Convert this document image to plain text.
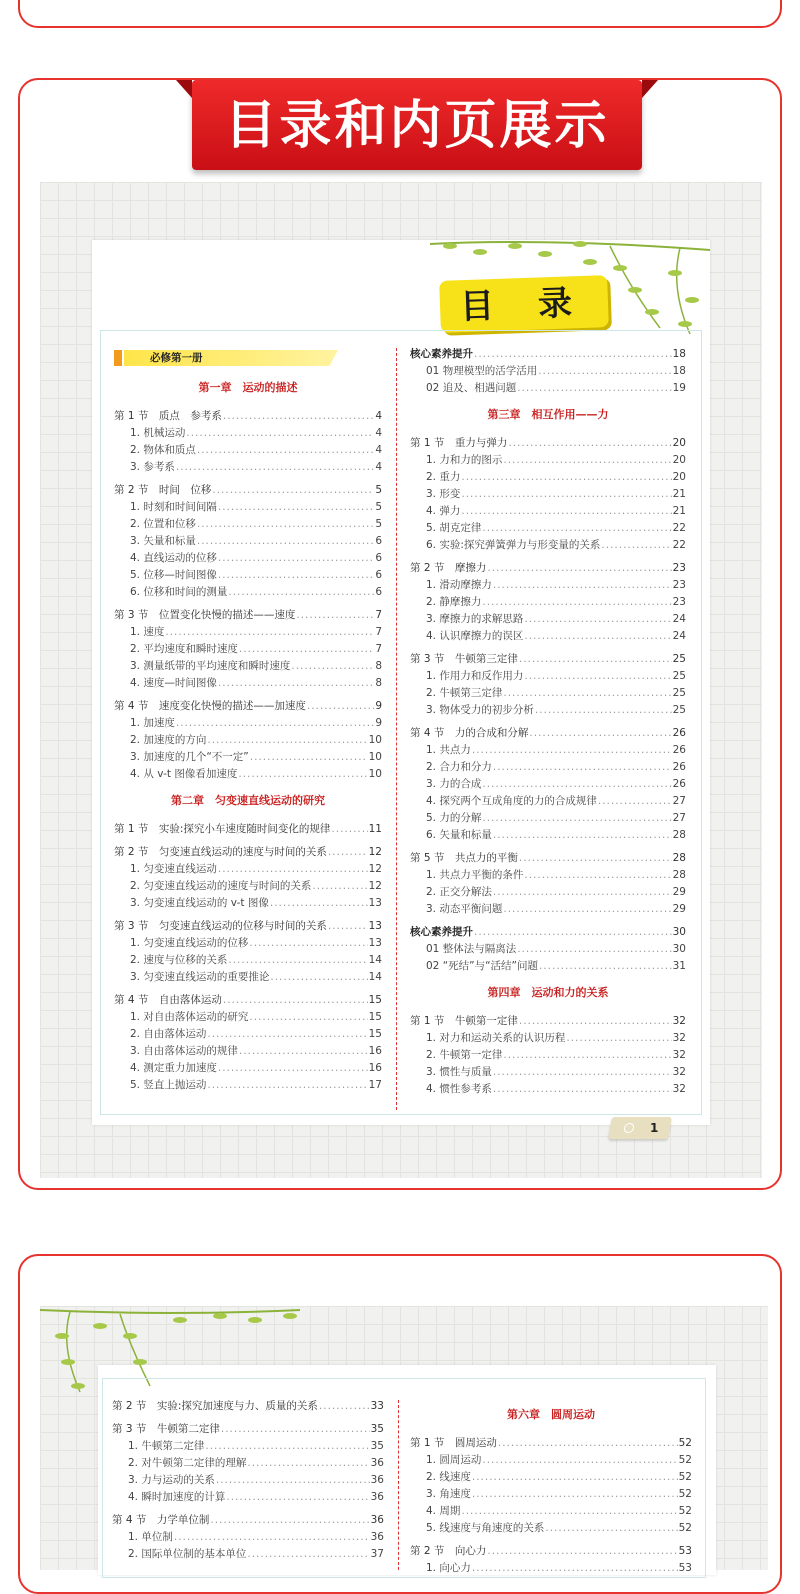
目录和内页展示
目 录
必修第一册
第一章　运动的描述
第 1 节　质点　参考系 .....	4
1. 机械运动 .....	4
2. 物体和质点 .....	4
3. 参考系 .....	4
第 2 节　时间　位移 .....	5
1. 时刻和时间间隔 .....	5
2. 位置和位移 .....	5
3. 矢量和标量 .....	6
4. 直线运动的位移 .....	6
5. 位移—时间图像 .....	6
6. 位移和时间的测量 .....	6
第 3 节　位置变化快慢的描述——速度 .....	7
1. 速度 .....	7
2. 平均速度和瞬时速度 .....	7
3. 测量纸带的平均速度和瞬时速度 .....	8
4. 速度—时间图像 .....	8
第 4 节　速度变化快慢的描述——加速度 .....	9
1. 加速度 .....	9
2. 加速度的方向 .....	10
3. 加速度的几个“不一定” .....	10
4. 从 v-t 图像看加速度 .....	10
第二章　匀变速直线运动的研究
第 1 节　实验:探究小车速度随时间变化的规律 .....	11
第 2 节　匀变速直线运动的速度与时间的关系 .....	12
1. 匀变速直线运动 .....	12
2. 匀变速直线运动的速度与时间的关系 .....	12
3. 匀变速直线运动的 v-t 图像 .....	13
第 3 节　匀变速直线运动的位移与时间的关系 .....	13
1. 匀变速直线运动的位移 .....	13
2. 速度与位移的关系 .....	14
3. 匀变速直线运动的重要推论 .....	14
第 4 节　自由落体运动 .....	15
1. 对自由落体运动的研究 .....	15
2. 自由落体运动 .....	15
3. 自由落体运动的规律 .....	16
4. 测定重力加速度 .....	16
5. 竖直上抛运动 .....	17
核心素养提升 .....	18
01 物理模型的活学活用 .....	18
02 追及、相遇问题 .....	19
第三章　相互作用——力
第 1 节　重力与弹力 .....	20
1. 力和力的图示 .....	20
2. 重力 .....	20
3. 形变 .....	21
4. 弹力 .....	21
5. 胡克定律 .....	22
6. 实验:探究弹簧弹力与形变量的关系 .....	22
第 2 节　摩擦力 .....	23
1. 滑动摩擦力 .....	23
2. 静摩擦力 .....	23
3. 摩擦力的求解思路 .....	24
4. 认识摩擦力的误区 .....	24
第 3 节　牛顿第三定律 .....	25
1. 作用力和反作用力 .....	25
2. 牛顿第三定律 .....	25
3. 物体受力的初步分析 .....	25
第 4 节　力的合成和分解 .....	26
1. 共点力 .....	26
2. 合力和分力 .....	26
3. 力的合成 .....	26
4. 探究两个互成角度的力的合成规律 .....	27
5. 力的分解 .....	27
6. 矢量和标量 .....	28
第 5 节　共点力的平衡 .....	28
1. 共点力平衡的条件 .....	28
2. 正交分解法 .....	29
3. 动态平衡问题 .....	29
核心素养提升 .....	30
01 整体法与隔离法 .....	30
02 “死结”与“活结”问题 .....	31
第四章　运动和力的关系
第 1 节　牛顿第一定律 .....	32
1. 对力和运动关系的认识历程 .....	32
2. 牛顿第一定律 .....	32
3. 惯性与质量 .....	32
4. 惯性参考系 .....	32
1
第 2 节　实验:探究加速度与力、质量的关系 .....	33
第 3 节　牛顿第二定律 .....	35
1. 牛顿第二定律 .....	35
2. 对牛顿第二定律的理解 .....	36
3. 力与运动的关系 .....	36
4. 瞬时加速度的计算 .....	36
第 4 节　力学单位制 .....	36
1. 单位制 .....	36
2. 国际单位制的基本单位 .....	37
第六章　圆周运动
第 1 节　圆周运动 .....	52
1. 圆周运动 .....	52
2. 线速度 .....	52
3. 角速度 .....	52
4. 周期 .....	52
5. 线速度与角速度的关系 .....	52
第 2 节　向心力 .....	53
1. 向心力 .....	53
